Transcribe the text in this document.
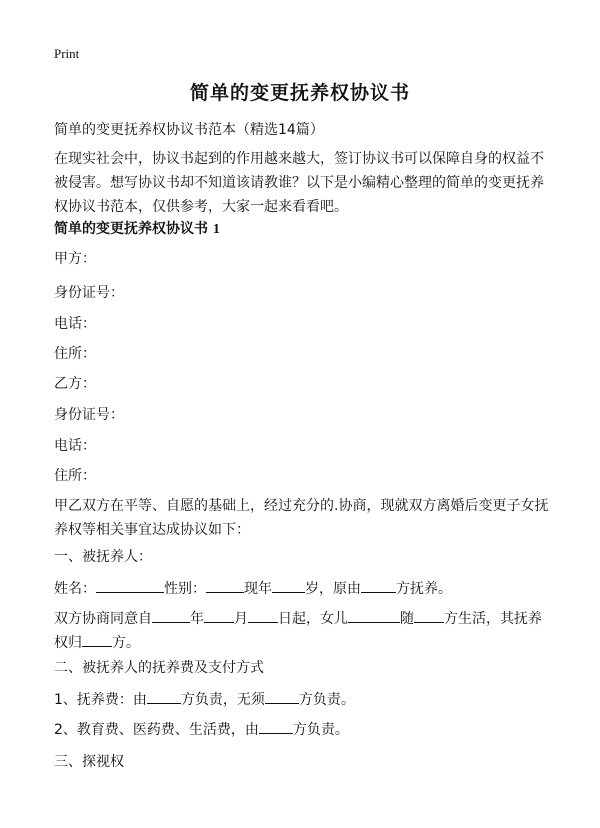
Print
简单的变更抚养权协议书
简单的变更抚养权协议书范本（精选14篇）
在现实社会中，协议书起到的作用越来越大，签订协议书可以保障自身的权益不被侵害。想写协议书却不知道该请教谁？以下是小编精心整理的简单的变更抚养权协议书范本，仅供参考，大家一起来看看吧。
简单的变更抚养权协议书 1
甲方：
身份证号：
电话：
住所：
乙方：
身份证号：
电话：
住所：
甲乙双方在平等、自愿的基础上，经过充分的.协商，现就双方离婚后变更子女抚养权等相关事宜达成协议如下：
一、被抚养人：
姓名：	性别：	现年 岁，原由	方抚养。
双方协商同意自	年 月 日起，女儿	随 方生活，其抚养权归 方。
二、被抚养人的抚养费及支付方式
1、抚养费：由 方负责，无须 方负责。
2、教育费、医药费、生活费，由 方负责。
三、探视权
